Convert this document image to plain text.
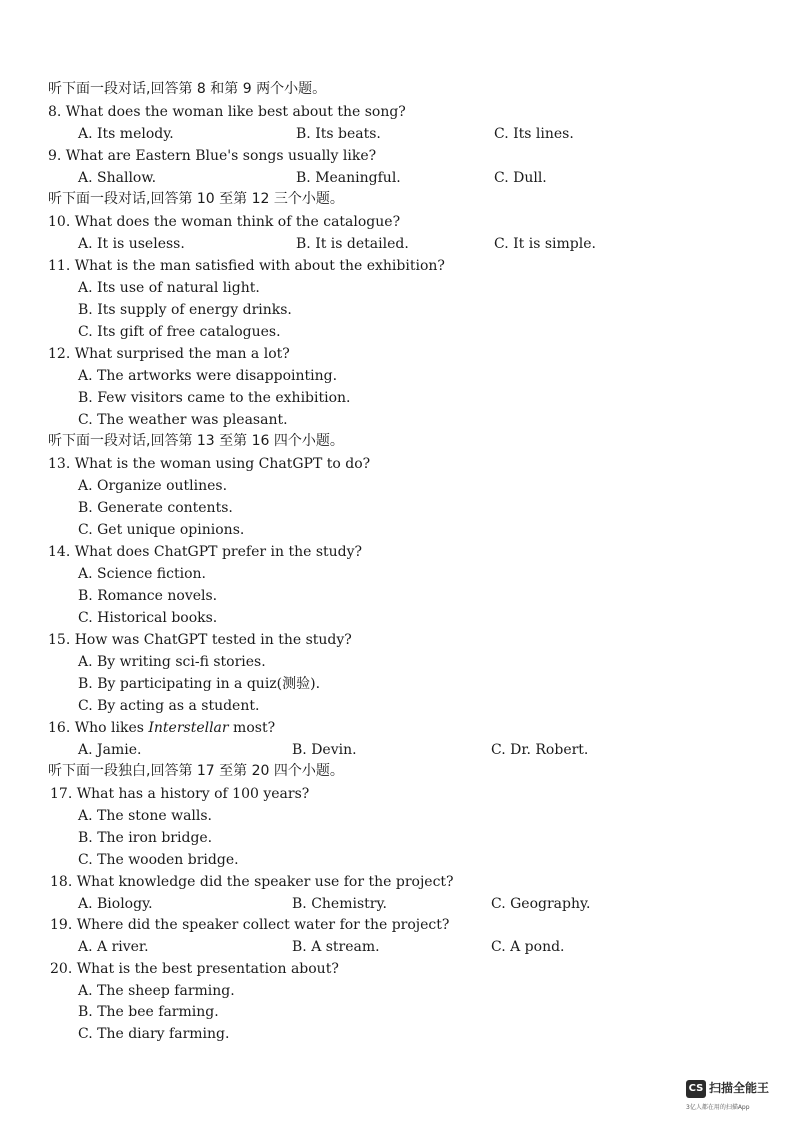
听下面一段对话,回答第 8 和第 9 两个小题。
8. What does the woman like best about the song?
A. Its melody.	B. Its beats.	C. Its lines.
9. What are Eastern Blue's songs usually like?
A. Shallow.	B. Meaningful.	C. Dull.
听下面一段对话,回答第 10 至第 12 三个小题。
10. What does the woman think of the catalogue?
A. It is useless.	B. It is detailed.	C. It is simple.
11. What is the man satisfied with about the exhibition?
A. Its use of natural light.
B. Its supply of energy drinks.
C. Its gift of free catalogues.
12. What surprised the man a lot?
A. The artworks were disappointing.
B. Few visitors came to the exhibition.
C. The weather was pleasant.
听下面一段对话,回答第 13 至第 16 四个小题。
13. What is the woman using ChatGPT to do?
A. Organize outlines.
B. Generate contents.
C. Get unique opinions.
14. What does ChatGPT prefer in the study?
A. Science fiction.
B. Romance novels.
C. Historical books.
15. How was ChatGPT tested in the study?
A. By writing sci-fi stories.
B. By participating in a quiz(测验).
C. By acting as a student.
16. Who likes Interstellar most?
A. Jamie.	B. Devin.	C. Dr. Robert.
听下面一段独白,回答第 17 至第 20 四个小题。
17. What has a history of 100 years?
A. The stone walls.
B. The iron bridge.
C. The wooden bridge.
18. What knowledge did the speaker use for the project?
A. Biology.	B. Chemistry.	C. Geography.
19. Where did the speaker collect water for the project?
A. A river.	B. A stream.	C. A pond.
20. What is the best presentation about?
A. The sheep farming.
B. The bee farming.
C. The diary farming.
CS 扫描全能王
3亿人都在用的扫描App
